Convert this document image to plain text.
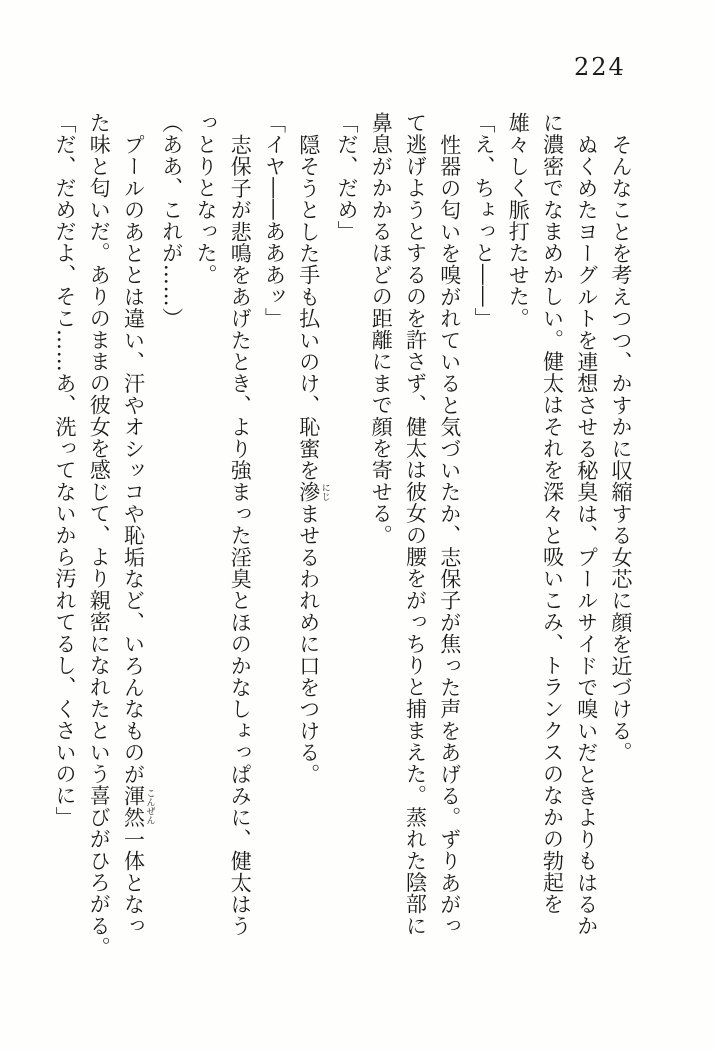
224
そんなことを考えつつ、かすかに収縮する女芯に顔を近づける。
ぬくめたヨーグルトを連想させる秘臭は、プールサイドで嗅いだときよりもはるか
に濃密でなまめかしい。健太はそれを深々と吸いこみ、トランクスのなかの勃起を
雄々しく脈打たせた。
「え、ちょっと――」
性器の匂いを嗅がれていると気づいたか、志保子が焦った声をあげる。ずりあがっ
て逃げようとするのを許さず、健太は彼女の腰をがっちりと捕まえた。蒸れた陰部に
鼻息がかかるほどの距離にまで顔を寄せる。
「だ、だめ」
隠そうとした手も払いのけ、恥蜜を滲 にじませるわれめに口をつける。
「イヤ――あああッ」
志保子が悲鳴をあげたとき、より強まった淫臭とほのかなしょっぱみに、健太はう
っとりとなった。
（ああ、これが……）
プールのあととは違い、汗やオシッコや恥垢など、いろんなものが渾然 こんぜん一体となっ
た味と匂いだ。ありのままの彼女を感じて、より親密になれたという喜びがひろがる。
「だ、だめだよ、そこ……あ、洗ってないから汚れてるし、くさいのに」
